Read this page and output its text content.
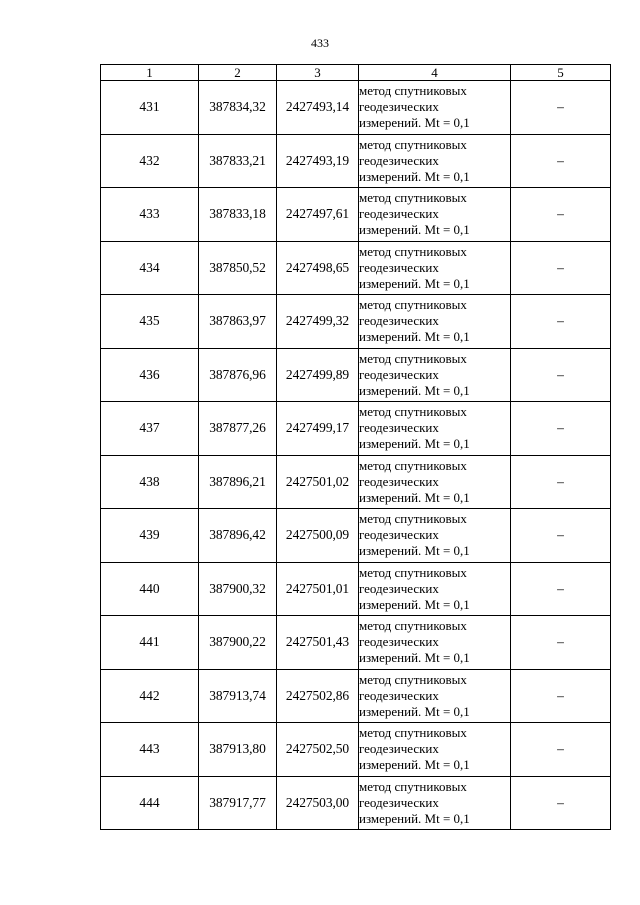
433
1	2	3	4	5
431	387834,32	2427493,14	метод спутниковых
геодезических
измерений. Mt = 0,1	–
432	387833,21	2427493,19	метод спутниковых
геодезических
измерений. Mt = 0,1	–
433	387833,18	2427497,61	метод спутниковых
геодезических
измерений. Mt = 0,1	–
434	387850,52	2427498,65	метод спутниковых
геодезических
измерений. Mt = 0,1	–
435	387863,97	2427499,32	метод спутниковых
геодезических
измерений. Mt = 0,1	–
436	387876,96	2427499,89	метод спутниковых
геодезических
измерений. Mt = 0,1	–
437	387877,26	2427499,17	метод спутниковых
геодезических
измерений. Mt = 0,1	–
438	387896,21	2427501,02	метод спутниковых
геодезических
измерений. Mt = 0,1	–
439	387896,42	2427500,09	метод спутниковых
геодезических
измерений. Mt = 0,1	–
440	387900,32	2427501,01	метод спутниковых
геодезических
измерений. Mt = 0,1	–
441	387900,22	2427501,43	метод спутниковых
геодезических
измерений. Mt = 0,1	–
442	387913,74	2427502,86	метод спутниковых
геодезических
измерений. Mt = 0,1	–
443	387913,80	2427502,50	метод спутниковых
геодезических
измерений. Mt = 0,1	–
444	387917,77	2427503,00	метод спутниковых
геодезических
измерений. Mt = 0,1	–
